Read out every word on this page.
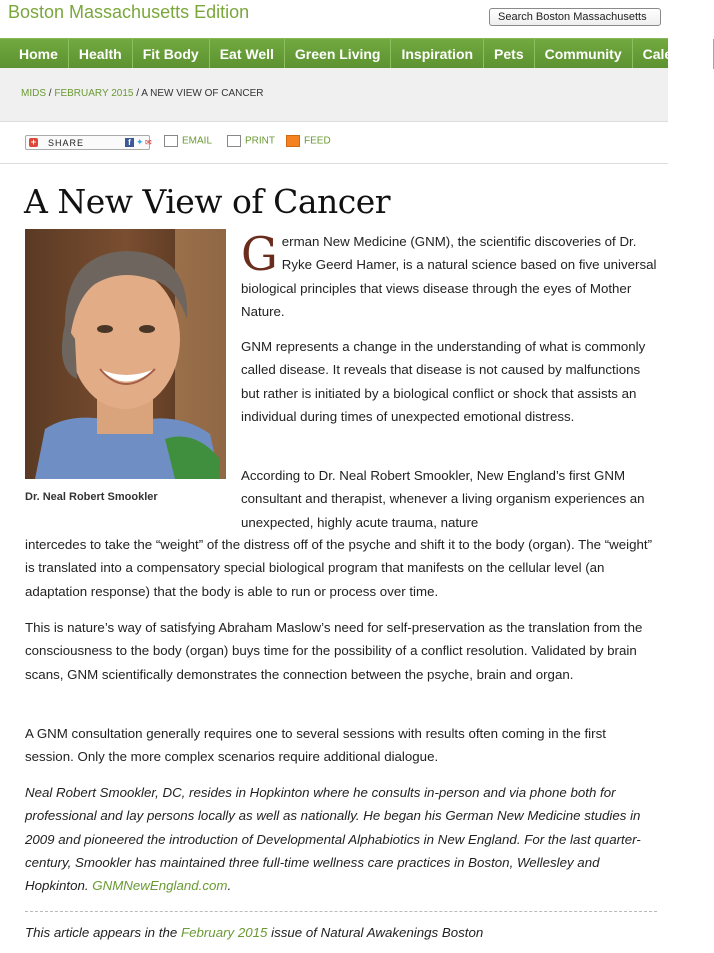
Boston Massachusetts Edition	Search Boston Massachusetts
Home	Health	Fit Body	Eat Well	Green Living	Inspiration	Pets	Community	Calendar
MIDS / FEBRUARY 2015 / A NEW VIEW OF CANCER
+ SHARE	f ✦ ✉	EMAIL	PRINT	FEED
A New View of Cancer
Dr. Neal Robert Smookler
German New Medicine (GNM), the scientific discoveries of Dr. Ryke Geerd Hamer, is a natural science based on five universal biological principles that views disease through the eyes of Mother Nature.
GNM represents a change in the understanding of what is commonly called disease. It reveals that disease is not caused by malfunctions but rather is initiated by a biological conflict or shock that assists an individual during times of unexpected emotional distress.
According to Dr. Neal Robert Smookler, New England’s first GNM consultant and therapist, whenever a living organism experiences an unexpected, highly acute trauma, nature
intercedes to take the “weight” of the distress off of the psyche and shift it to the body (organ). The “weight” is translated into a compensatory special biological program that manifests on the cellular level (an adaptation response) that the body is able to run or process over time.
This is nature’s way of satisfying Abraham Maslow’s need for self-preservation as the translation from the consciousness to the body (organ) buys time for the possibility of a conflict resolution. Validated by brain scans, GNM scientifically demonstrates the connection between the psyche, brain and organ.
A GNM consultation generally requires one to several sessions with results often coming in the first session. Only the more complex scenarios require additional dialogue.
Neal Robert Smookler, DC, resides in Hopkinton where he consults in-person and via phone both for professional and lay persons locally as well as nationally. He began his German New Medicine studies in 2009 and pioneered the introduction of Developmental Alphabiotics in New England. For the last quarter-century, Smookler has maintained three full-time wellness care practices in Boston, Wellesley and Hopkinton. GNMNewEngland.com.
This article appears in the February 2015 issue of Natural Awakenings Boston
